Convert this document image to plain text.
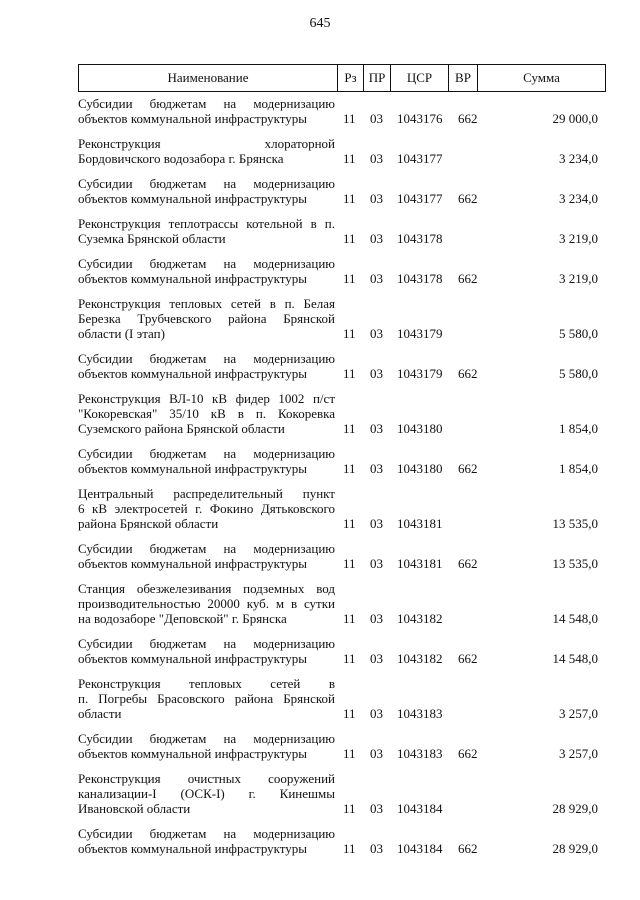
645
Наименование	Рз ПР	ЦСР	ВР	Сумма
Субсидии бюджетам на модернизацию
объектов коммунальной инфраструктуры	11 03 1043176 662	29 000,0
Реконструкция хлораторной
Бордовичского водозабора г. Брянска	11 03 1043177	3 234,0
Субсидии бюджетам на модернизацию
объектов коммунальной инфраструктуры	11 03 1043177 662	3 234,0
Реконструкция теплотрассы котельной в п.
Суземка Брянской области	11 03 1043178	3 219,0
Субсидии бюджетам на модернизацию
объектов коммунальной инфраструктуры	11 03 1043178 662	3 219,0
Реконструкция тепловых сетей в п. Белая
Березка Трубчевского района Брянской
области (I этап)	11 03 1043179	5 580,0
Субсидии бюджетам на модернизацию
объектов коммунальной инфраструктуры	11 03 1043179 662	5 580,0
Реконструкция ВЛ-10 кВ фидер 1002 п/ст
"Кокоревская" 35/10 кВ в п. Кокоревка
Суземского района Брянской области	11 03 1043180	1 854,0
Субсидии бюджетам на модернизацию
объектов коммунальной инфраструктуры	11 03 1043180 662	1 854,0
Центральный распределительный пункт
6 кВ электросетей г. Фокино Дятьковского
района Брянской области	11 03 1043181	13 535,0
Субсидии бюджетам на модернизацию
объектов коммунальной инфраструктуры	11 03 1043181 662	13 535,0
Станция обезжелезивания подземных вод
производительностью 20000 куб. м в сутки
на водозаборе "Деповской" г. Брянска	11 03 1043182	14 548,0
Субсидии бюджетам на модернизацию
объектов коммунальной инфраструктуры	11 03 1043182 662	14 548,0
Реконструкция тепловых сетей в
п. Погребы Брасовского района Брянской
области	11 03 1043183	3 257,0
Субсидии бюджетам на модернизацию
объектов коммунальной инфраструктуры	11 03 1043183 662	3 257,0
Реконструкция очистных сооружений
канализации-I (ОСК-I) г. Кинешмы
Ивановской области	11 03 1043184	28 929,0
Субсидии бюджетам на модернизацию
объектов коммунальной инфраструктуры	11 03 1043184 662	28 929,0
